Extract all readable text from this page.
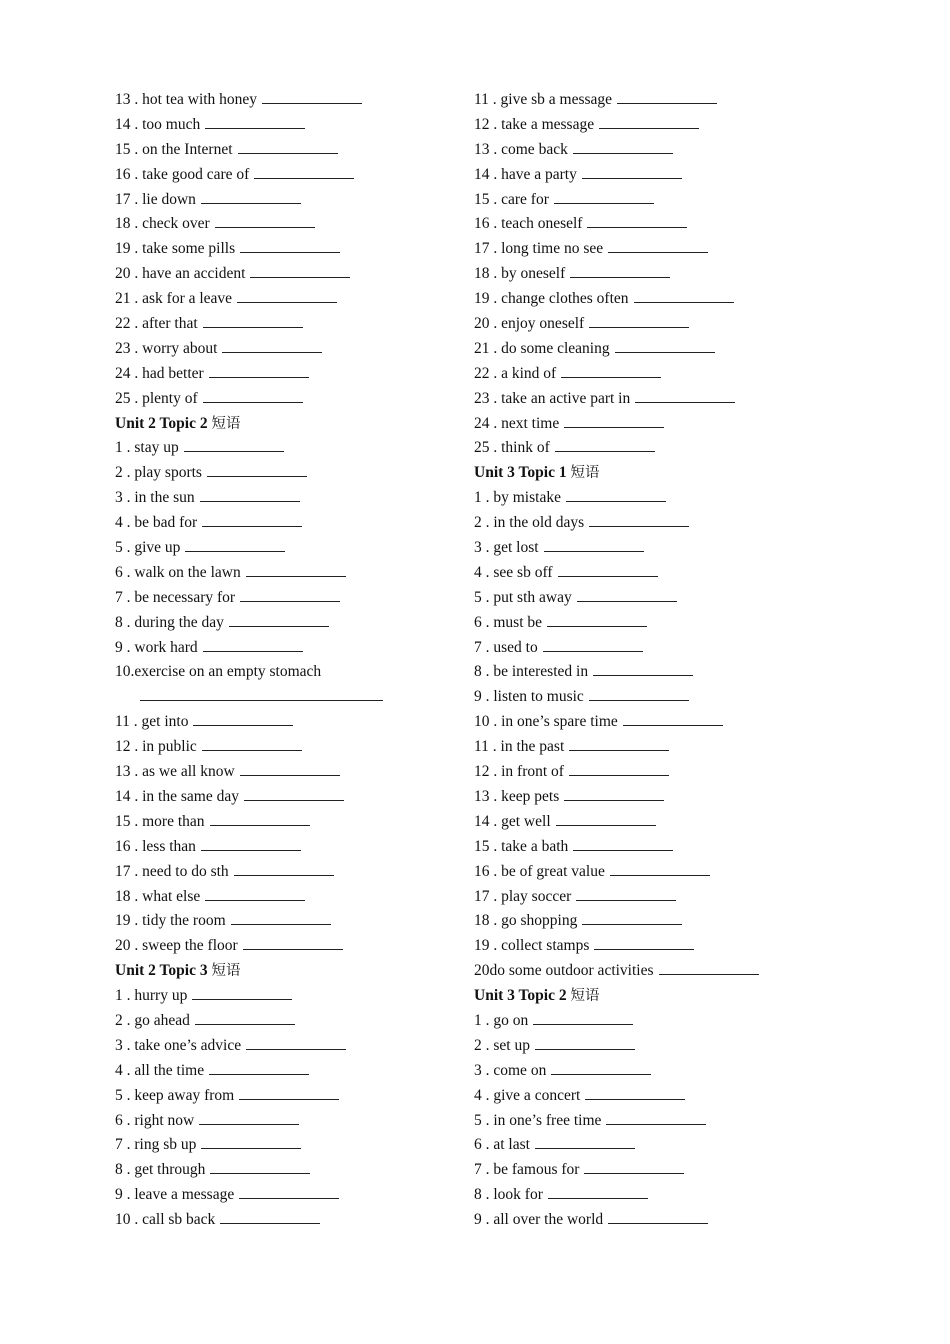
13 . hot tea with honey
14 . too much
15 . on the Internet
16 . take good care of
17 . lie down
18 . check over
19 . take some pills
20 . have an accident
21 . ask for a leave
22 . after that
23 . worry about
24 . had better
25 . plenty of
Unit 2 Topic 2 短语
1 . stay up
2 . play sports
3 . in the sun
4 . be bad for
5 . give up
6 . walk on the lawn
7 . be necessary for
8 . during the day
9 . work hard
10.exercise on an empty stomach
11 . get into
12 . in public
13 . as we all know
14 . in the same day
15 . more than
16 . less than
17 . need to do sth
18 . what else
19 . tidy the room
20 . sweep the floor
Unit 2 Topic 3 短语
1 . hurry up
2 . go ahead
3 . take one’s advice
4 . all the time
5 . keep away from
6 . right now
7 . ring sb up
8 . get through
9 . leave a message
10 . call sb back
11 . give sb a message
12 . take a message
13 . come back
14 . have a party
15 . care for
16 . teach oneself
17 . long time no see
18 . by oneself
19 . change clothes often
20 . enjoy oneself
21 . do some cleaning
22 . a kind of
23 . take an active part in
24 . next time
25 . think of
Unit 3 Topic 1 短语
1 . by mistake
2 . in the old days
3 . get lost
4 . see sb off
5 . put sth away
6 . must be
7 . used to
8 . be interested in
9 . listen to music
10 . in one’s spare time
11 . in the past
12 . in front of
13 . keep pets
14 . get well
15 . take a bath
16 . be of great value
17 . play soccer
18 . go shopping
19 . collect stamps
20do some outdoor activities
Unit 3 Topic 2 短语
1 . go on
2 . set up
3 . come on
4 . give a concert
5 . in one’s free time
6 . at last
7 . be famous for
8 . look for
9 . all over the world
